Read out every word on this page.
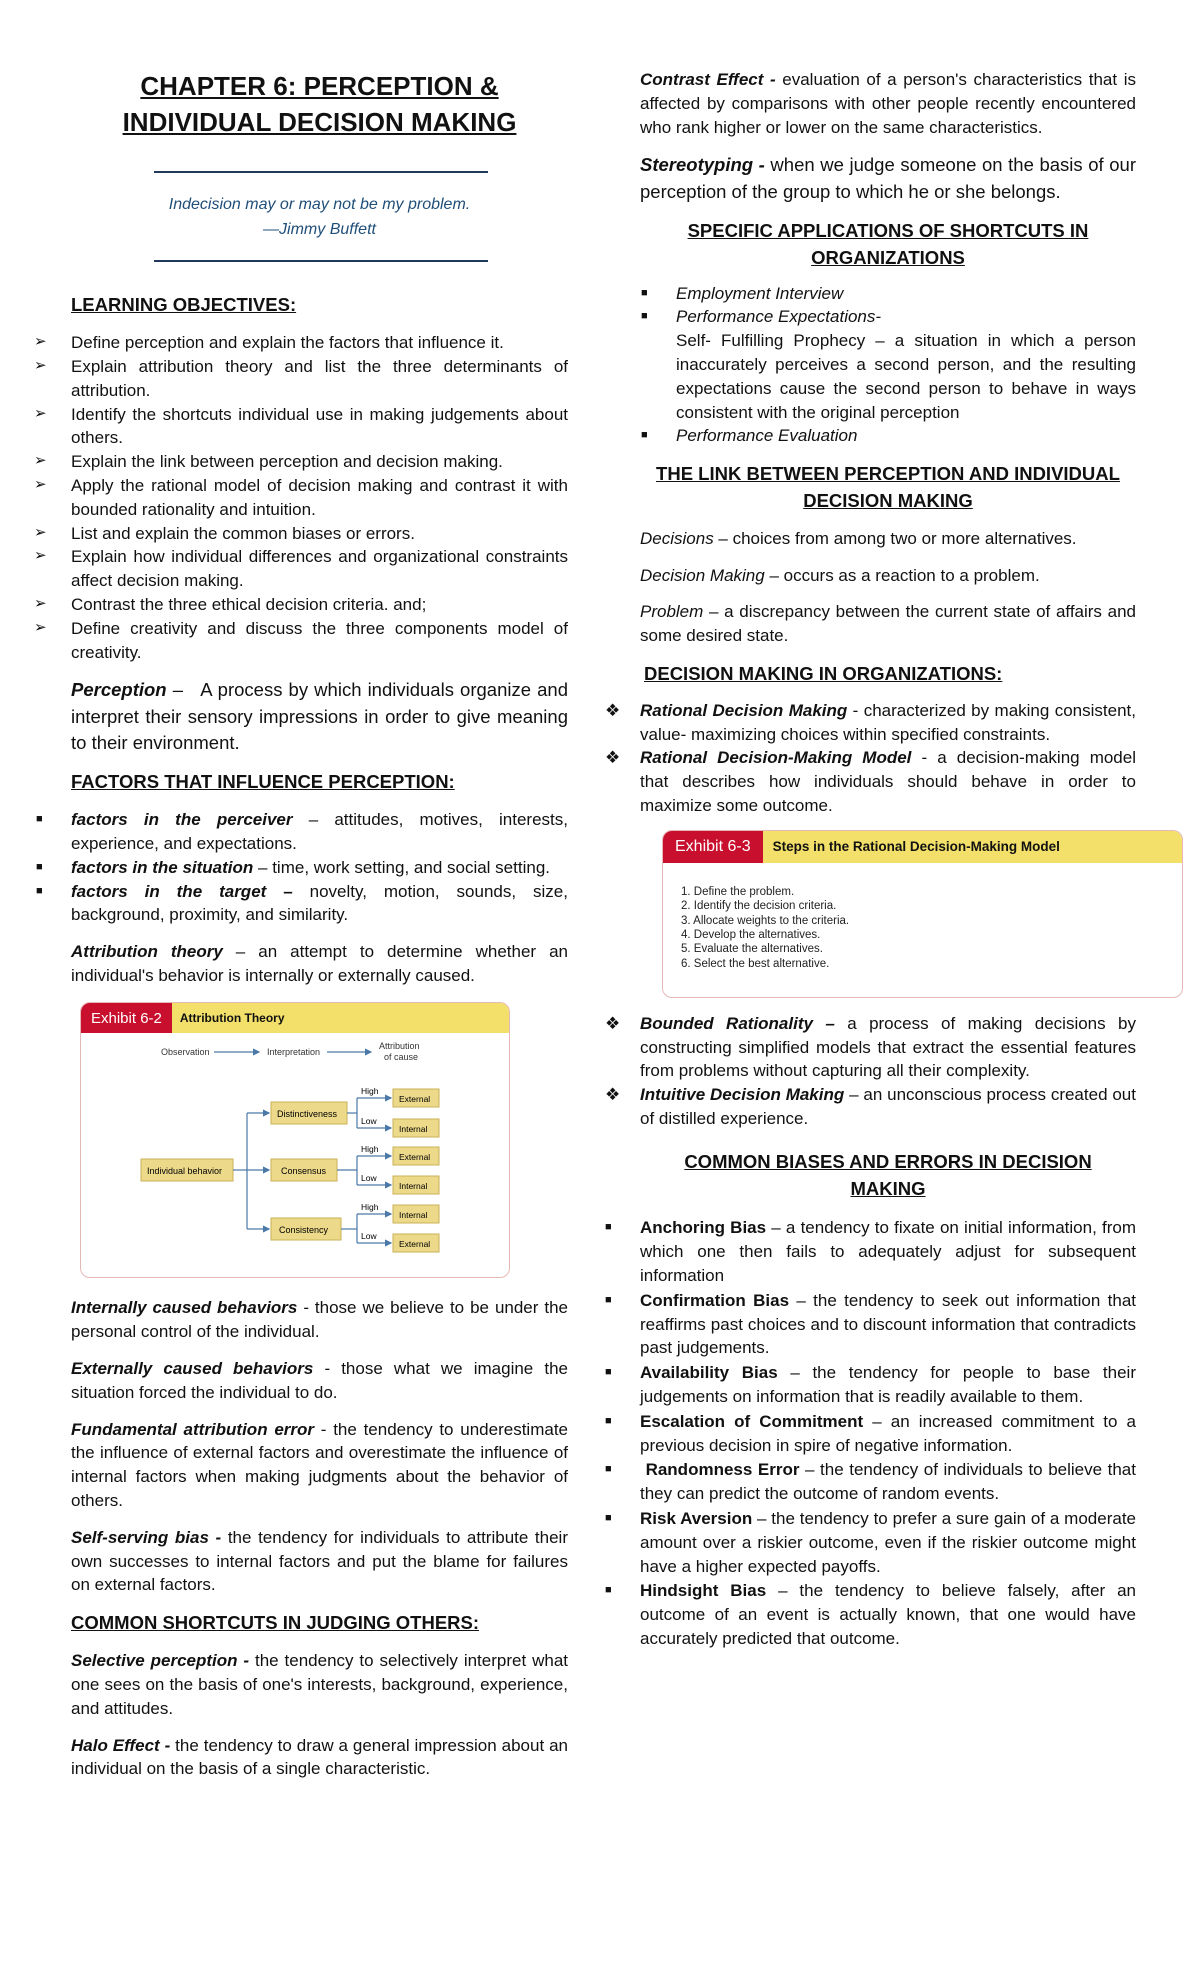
CHAPTER 6: PERCEPTION &
INDIVIDUAL DECISION MAKING
Indecision may or may not be my problem.
—Jimmy Buffett
LEARNING OBJECTIVES:
➢ Define perception and explain the factors that influence it.
➢ Explain attribution theory and list the three determinants of attribution.
➢ Identify the shortcuts individual use in making judgements about others.
➢ Explain the link between perception and decision making.
➢ Apply the rational model of decision making and contrast it with bounded rationality and intuition.
➢ List and explain the common biases or errors.
➢ Explain how individual differences and organizational constraints affect decision making.
➢ Contrast the three ethical decision criteria. and;
➢ Define creativity and discuss the three components model of creativity.

Perception – A process by which individuals organize and interpret their sensory impressions in order to give meaning to their environment.

FACTORS THAT INFLUENCE PERCEPTION:
■ factors in the perceiver – attitudes, motives, interests, experience, and expectations.
■ factors in the situation – time, work setting, and social setting.
■ factors in the target – novelty, motion, sounds, size, background, proximity, and similarity.

Attribution theory – an attempt to determine whether an individual's behavior is internally or externally caused.

Exhibit 6-2	Attribution Theory
Observation	Interpretation
Attribution
of cause
Individual behavior
Distinctiveness
High
Low
External
Internal
Consensus
High
Low
External
Internal
Consistency
High
Low
Internal
External

Internally caused behaviors - those we believe to be under the personal control of the individual.

Externally caused behaviors - those what we imagine the situation forced the individual to do.

Fundamental attribution error - the tendency to underestimate the influence of external factors and overestimate the influence of internal factors when making judgments about the behavior of others.

Self-serving bias - the tendency for individuals to attribute their own successes to internal factors and put the blame for failures on external factors.

COMMON SHORTCUTS IN JUDGING OTHERS:

Selective perception - the tendency to selectively interpret what one sees on the basis of one's interests, background, experience, and attitudes.

Halo Effect - the tendency to draw a general impression about an individual on the basis of a single characteristic.

Contrast Effect - evaluation of a person's characteristics that is affected by comparisons with other people recently encountered who rank higher or lower on the same characteristics.

Stereotyping - when we judge someone on the basis of our perception of the group to which he or she belongs.

SPECIFIC APPLICATIONS OF SHORTCUTS IN
ORGANIZATIONS
■ Employment Interview
■ Performance Expectations-
Self- Fulfilling Prophecy – a situation in which a person inaccurately perceives a second person, and the resulting expectations cause the second person to behave in ways consistent with the original perception
■ Performance Evaluation
THE LINK BETWEEN PERCEPTION AND INDIVIDUAL
DECISION MAKING

Decisions – choices from among two or more alternatives.

Decision Making – occurs as a reaction to a problem.

Problem – a discrepancy between the current state of affairs and some desired state.

DECISION MAKING IN ORGANIZATIONS:
❖ Rational Decision Making - characterized by making consistent, value- maximizing choices within specified constraints.
❖ Rational Decision-Making Model - a decision-making model that describes how individuals should behave in order to maximize some outcome.
Exhibit 6-3	Steps in the Rational Decision-Making Model
1. Define the problem.
2. Identify the decision criteria.
3. Allocate weights to the criteria.
4. Develop the alternatives.
5. Evaluate the alternatives.
6. Select the best alternative.
❖ Bounded Rationality – a process of making decisions by constructing simplified models that extract the essential features from problems without capturing all their complexity.
❖ Intuitive Decision Making – an unconscious process created out of distilled experience.
COMMON BIASES AND ERRORS IN DECISION
MAKING
■ Anchoring Bias – a tendency to fixate on initial information, from which one then fails to adequately adjust for subsequent information
■ Confirmation Bias – the tendency to seek out information that reaffirms past choices and to discount information that contradicts past judgements.
■ Availability Bias – the tendency for people to base their judgements on information that is readily available to them.
■ Escalation of Commitment – an increased commitment to a previous decision in spire of negative information.
■ Randomness Error – the tendency of individuals to believe that they can predict the outcome of random events.
■ Risk Aversion – the tendency to prefer a sure gain of a moderate amount over a riskier outcome, even if the riskier outcome might have a higher expected payoffs.
■ Hindsight Bias – the tendency to believe falsely, after an outcome of an event is actually known, that one would have accurately predicted that outcome.
